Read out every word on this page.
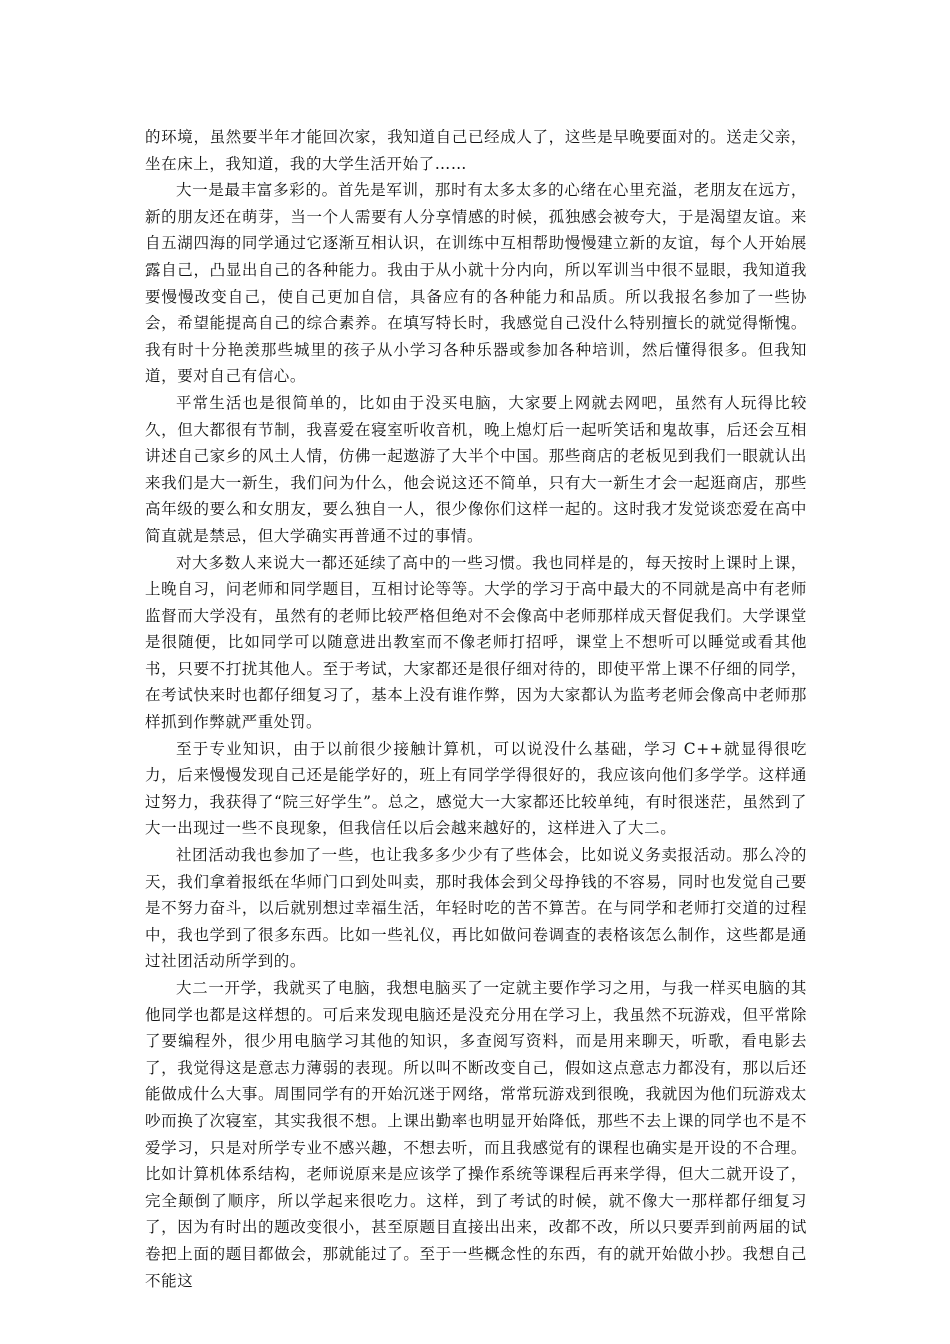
的环境，虽然要半年才能回次家，我知道自己已经成人了，这些是早晚要面对的。送走父亲，坐在床上，我知道，我的大学生活开始了……

大一是最丰富多彩的。首先是军训，那时有太多太多的心绪在心里充溢，老朋友在远方，新的朋友还在萌芽，当一个人需要有人分享情感的时候，孤独感会被夸大，于是渴望友谊。来自五湖四海的同学通过它逐渐互相认识，在训练中互相帮助慢慢建立新的友谊，每个人开始展露自己，凸显出自己的各种能力。我由于从小就十分内向，所以军训当中很不显眼，我知道我要慢慢改变自己，使自己更加自信，具备应有的各种能力和品质。所以我报名参加了一些协会，希望能提高自己的综合素养。在填写特长时，我感觉自己没什么特别擅长的就觉得惭愧。我有时十分艳羡那些城里的孩子从小学习各种乐器或参加各种培训，然后懂得很多。但我知道，要对自己有信心。

平常生活也是很简单的，比如由于没买电脑，大家要上网就去网吧，虽然有人玩得比较久，但大都很有节制，我喜爱在寝室听收音机，晚上熄灯后一起听笑话和鬼故事，后还会互相讲述自己家乡的风土人情，仿佛一起遨游了大半个中国。那些商店的老板见到我们一眼就认出来我们是大一新生，我们问为什么，他会说这还不简单，只有大一新生才会一起逛商店，那些高年级的要么和女朋友，要么独自一人，很少像你们这样一起的。这时我才发觉谈恋爱在高中简直就是禁忌，但大学确实再普通不过的事情。

对大多数人来说大一都还延续了高中的一些习惯。我也同样是的，每天按时上课时上课，上晚自习，问老师和同学题目，互相讨论等等。大学的学习于高中最大的不同就是高中有老师监督而大学没有，虽然有的老师比较严格但绝对不会像高中老师那样成天督促我们。大学课堂是很随便，比如同学可以随意进出教室而不像老师打招呼，课堂上不想听可以睡觉或看其他书，只要不打扰其他人。至于考试，大家都还是很仔细对待的，即使平常上课不仔细的同学，在考试快来时也都仔细复习了，基本上没有谁作弊，因为大家都认为监考老师会像高中老师那样抓到作弊就严重处罚。

至于专业知识，由于以前很少接触计算机，可以说没什么基础，学习 C++就显得很吃力，后来慢慢发现自己还是能学好的，班上有同学学得很好的，我应该向他们多学学。这样通过努力，我获得了“院三好学生”。总之，感觉大一大家都还比较单纯，有时很迷茫，虽然到了大一出现过一些不良现象，但我信任以后会越来越好的，这样进入了大二。

社团活动我也参加了一些，也让我多多少少有了些体会，比如说义务卖报活动。那么冷的天，我们拿着报纸在华师门口到处叫卖，那时我体会到父母挣钱的不容易，同时也发觉自己要是不努力奋斗，以后就别想过幸福生活，年轻时吃的苦不算苦。在与同学和老师打交道的过程中，我也学到了很多东西。比如一些礼仪，再比如做问卷调查的表格该怎么制作，这些都是通过社团活动所学到的。

大二一开学，我就买了电脑，我想电脑买了一定就主要作学习之用，与我一样买电脑的其他同学也都是这样想的。可后来发现电脑还是没充分用在学习上，我虽然不玩游戏，但平常除了要编程外，很少用电脑学习其他的知识，多查阅写资料，而是用来聊天，听歌，看电影去了，我觉得这是意志力薄弱的表现。所以叫不断改变自己，假如这点意志力都没有，那以后还能做成什么大事。周围同学有的开始沉迷于网络，常常玩游戏到很晚，我就因为他们玩游戏太吵而换了次寝室，其实我很不想。上课出勤率也明显开始降低，那些不去上课的同学也不是不爱学习，只是对所学专业不感兴趣，不想去听，而且我感觉有的课程也确实是开设的不合理。比如计算机体系结构，老师说原来是应该学了操作系统等课程后再来学得，但大二就开设了，完全颠倒了顺序，所以学起来很吃力。这样，到了考试的时候，就不像大一那样都仔细复习了，因为有时出的题改变很小，甚至原题目直接出出来，改都不改，所以只要弄到前两届的试卷把上面的题目都做会，那就能过了。至于一些概念性的东西，有的就开始做小抄。我想自己不能这
